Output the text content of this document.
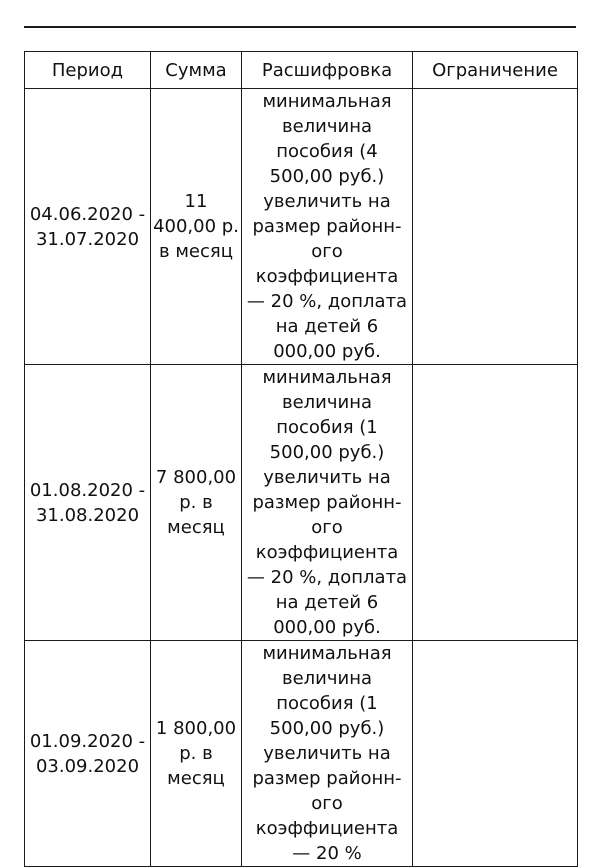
Период	Сумма	Расшифровка	Ограничение

04.06.2020 - 31.07.2020	11 400,00 р. в месяц	минимальная величина пособия (4 500,00 руб.) увеличить на размер районного коэффициента — 20 %, доплата на детей 6 000,00 руб.	

01.08.2020 - 31.08.2020	7 800,00 р. в месяц	минимальная величина пособия (1 500,00 руб.) увеличить на размер районного коэффициента — 20 %, доплата на детей 6 000,00 руб.	

01.09.2020 - 03.09.2020	1 800,00 р. в месяц	минимальная величина пособия (1 500,00 руб.) увеличить на размер районного коэффициента — 20 %	
